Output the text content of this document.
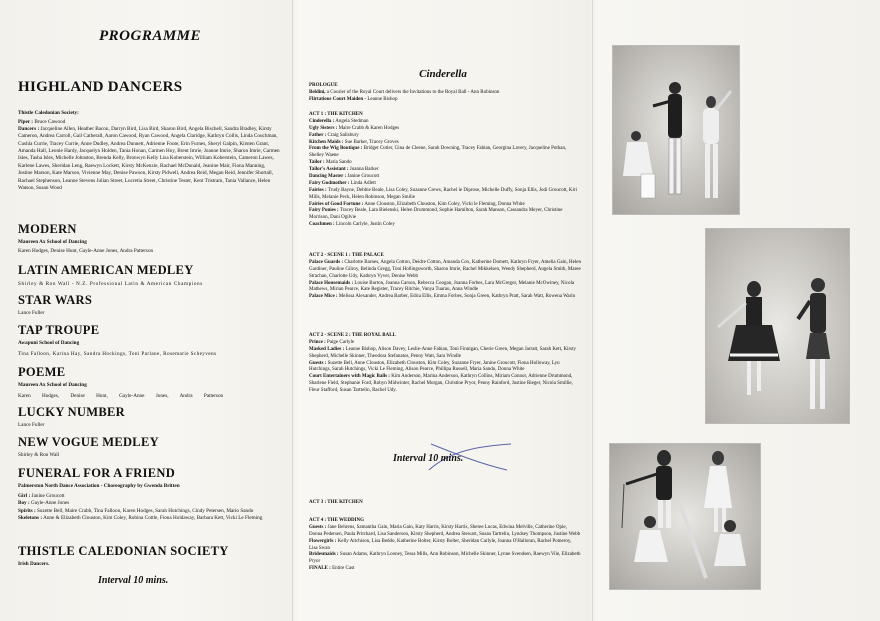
PROGRAMME
HIGHLAND DANCERS
Thistle Caledonian Society:
Piper : Bruce Cawood
Dancers : Jacqueline Allen, Heather Bacon, Darryn Bird, Lisa Bird, Sharon Bird, Angela Bischell, Sandra Bradley, Kirsty Cameron, Andrea Carroll, Gail Catherall, Aaron Cawood, Ryan Cawood, Angela Claridge, Kathryn Collis, Linda Couchman, Cushla Currie, Tracey Currie, Anne Dudley, Andrea Dunnett, Adrienne Foote, Erin Furnes, Sheryl Galpin, Kirsten Grant, Amanda Hall, Leonie Hardy, Jacquelyn Holden, Tania Honan, Carmen Hoy, Brent Imrie, Joanne Imrie, Sharon Imrie, Carmen Isles, Tasha Isles, Michelle Johnston, Brenda Kelly, Bronwyn Kelly Lisa Koberstein, William Koberstein, Cameron Lawes, Karlene Lawes, Sheridan Leng, Raewyn Lockett, Kirsty McKenzie, Rachael McDonald, Jeanine Mair, Fiona Manning, Justine Marson, Kate Marson, Vivienne May, Denise Pawson, Kirsty Pidwell, Andrea Reid, Megan Reid, Jennifer Shortall, Rachael Stephenson, Leanne Stevens Julian Street, Lucretia Street, Christine Tester, Kent Tristram, Tania Vallance, Helen Watson, Susan Wood
MODERN
Maureen Ax School of Dancing
Karen Hodges, Denise Hunt, Gayle-Anne Jones, Andra Patterson
LATIN AMERICAN MEDLEY
Shirley & Ron Wall - N.Z. Professional Latin & American Champions
STAR WARS
Lance Fuller
TAP TROUPE
Awapuni School of Dancing
Tina Falloon, Karina Hay, Sandra Hockings, Toni Parlane, Rosemarie Scheyvens
POEME
Maureen Ax School of Dancing
Karen Hodges, Denise Hunt, Gayle-Anne Jones, Andra Patterson
LUCKY NUMBER
Lance Fuller
NEW VOGUE MEDLEY
Shirley & Ron Wall
FUNERAL FOR A FRIEND
Palmerston North Dance Association - Choreography by Gwenda Britten
Girl : Janine Groucott
Boy : Gayle-Anne Jones
Spirits : Suzette Bell, Maire Crabb, Tina Falloon, Karen Hodges, Sarah Hutchings, Cindy Petersen, Mario Sando
Skeletons : Anne & Elizabeth Clouston, Kim Coley, Robina Cottle, Fiona Holdaway, Barbara Kett, Vicki Le Fleming
THISTLE CALEDONIAN SOCIETY
Irish Dancers.
Interval 10 mins.
Cinderella

PROLOGUE

Beldini, a Courier of the Royal Court delivers the Invitations to the Royal Ball - Ann Robinson

Flirtatious Court Maiden - Leanne Bishop

ACT 1 : THE KITCHEN

Cinderella : Angela Stedman

Ugly Sisters : Maire Crabb & Karen Hodges

Father : Craig Salisbury

Kitchen Maids : Sue Barker, Tracey Groves

From the Wig Boutique : Bridget Cutler, Gina de Cleene, Sarah Downing, Tracey Fabian, Georgina Lavery, Jacqueline Pothan, Shelley Waene

Tailor : Maria Sando

Tailor's Assistant : Joanna Barker

Dancing Master : Janine Groucott

Fairy Godmother : Linda Adlett

Fairies : Trudy Bayne, Debbie Beale, Lisa Coley, Suzanne Crews, Rachel le Diprose, Michelle Duffy, Sonja Ellis, Jodi Groucott, Kiri Mills, Melanie Peck, Helen Robinson, Megan Smilie

Fairies of Good Fortune : Anne Clouston, Elizabeth Clouston, Kim Coley, Vicki le Fleming, Donna White

Fairy Ponies : Tracey Beale, Lara Bielenski, Helen Drummond, Sophie Hamilton, Sarah Manson, Cassandra Meyer, Christine Morrison, Dani Ogilvie

Coachmen : Lincoln Carlyle, Justin Coley

ACT 2 - SCENE 1 : THE PALACE

Palace Guards : Charlotte Barnes, Angela Cotton, Deidre Cotton, Amanda Cox, Katherine Domett, Kathryn Fryer, Amelia Gain, Helen Gardiner, Pauline Gilroy, Belinda Gregg, Toni Hollingsworth, Sharon Imrie, Rachel Mikkelsen, Wendy Shepherd, Angela Smith, Maree Strachan, Charlotte Udy, Kathryn Vyver, Denise Webb

Palace Housemaids : Louise Burton, Joanna Carson, Rebecca Coogan, Joanna Forbes, Lara McGregor, Melanie McOwiney, Nicola Mathews, Mirian Pearce, Kate Register, Tracey Ritchie, Vanya Tuarau, Anna Windle

Palace Mice : Melissa Alexander, Andrea Barber, Edria Ellis, Emma Forbes, Sonja Green, Kathryn Pratt, Sarah Watt, Rowena Warin

ACT 2 - SCENE 2 : THE ROYAL BALL

Prince : Paige Carlyle

Masked Ladies : Leanne Bishop, Alison Davey, Leslie-Anne Fabian, Toni Finnigan, Cherie Green, Megan Jarratt, Sarah Kett, Kirsty Shepherd, Michelle Skinner, Theodora Stefanatos, Penny Watt, Sara Windle

Guests : Suzette Bell, Anne Clouston, Elizabeth Clouston, Kim Coley, Suzanne Fryer, Janine Groucott, Fiona Holloway, Lyn Hutchings, Sarah Hutchings, Vicki Le Fleming, Alison Pearce, Phillipa Russell, Maria Sando, Donna White

Court Entertainers with Magic Balls : Kim Anderson, Marina Anderson, Kathryn Collins, Miriam Connor, Adrienne Drummond, Sharlene Field, Stephanie Ford, Robyn Midwinter, Rachel Morgan, Christine Pryor, Penny Rainford, Justine Rieger, Nicola Smillie, Fleur Stafford, Susan Tarttelin, Rachel Udy.

Interval 10 mins.

ACT 3 : THE KITCHEN

ACT 4 : THE WEDDING

Guests : Jane Behrens, Samantha Gain, Maria Gain, Katy Harris, Kirsty Harris, Sheree Lucas, Edwina Melville, Catherine Opie, Donna Pedersen, Paula Pritchard, Lisa Sanderson, Kirsty Shepherd, Andrea Stewart, Susan Tarttelin, Lyndsey Thompson, Justine Webb

Flowergirls : Kelly Aitchison, Lisa Beddo, Katherine Bolter, Kirsty Bolter, Sheridan Carlyle, Joanna O'Halloran, Rachel Pomeroy, Lisa Swan

Bridesmaids : Susan Adams, Kathryn Looney, Tessa Mills, Ann Robinson, Michelle Skinner, Lynne Svendsen, Raewyn Vile, Elizabeth Pryor

FINALE : Entire Cast
